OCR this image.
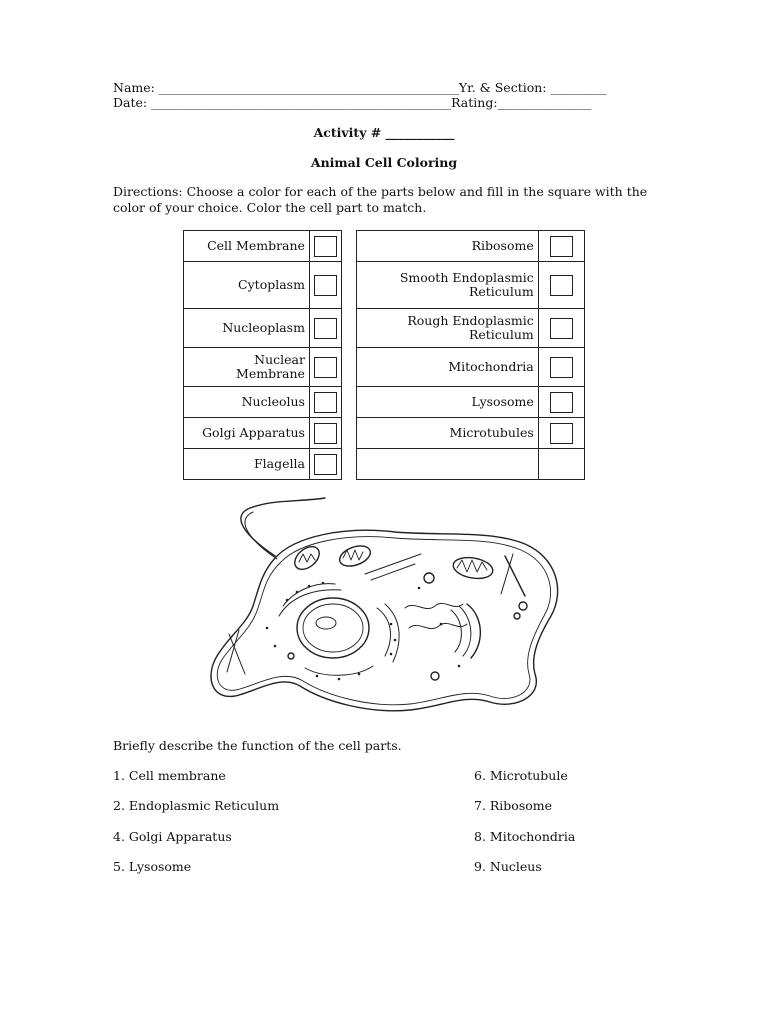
Name: ________________________________________________Yr. & Section: _________
Date: ________________________________________________Rating:_______________
Activity # ___________
Animal Cell Coloring
Directions: Choose a color for each of the parts below and fill in the square with the color of your choice. Color the cell part to match.
Cell Membrane			Ribosome	
Cytoplasm			Smooth Endoplasmic
Reticulum	
Nucleoplasm			Rough Endoplasmic
Reticulum	
Nuclear
Membrane			Mitochondria	
Nucleolus			Lysosome	
Golgi Apparatus			Microtubules	
Flagella				
Briefly describe the function of the cell parts.
1. Cell membrane
2. Endoplasmic Reticulum
4. Golgi Apparatus
5. Lysosome
6. Microtubule
7. Ribosome
8. Mitochondria
9. Nucleus
